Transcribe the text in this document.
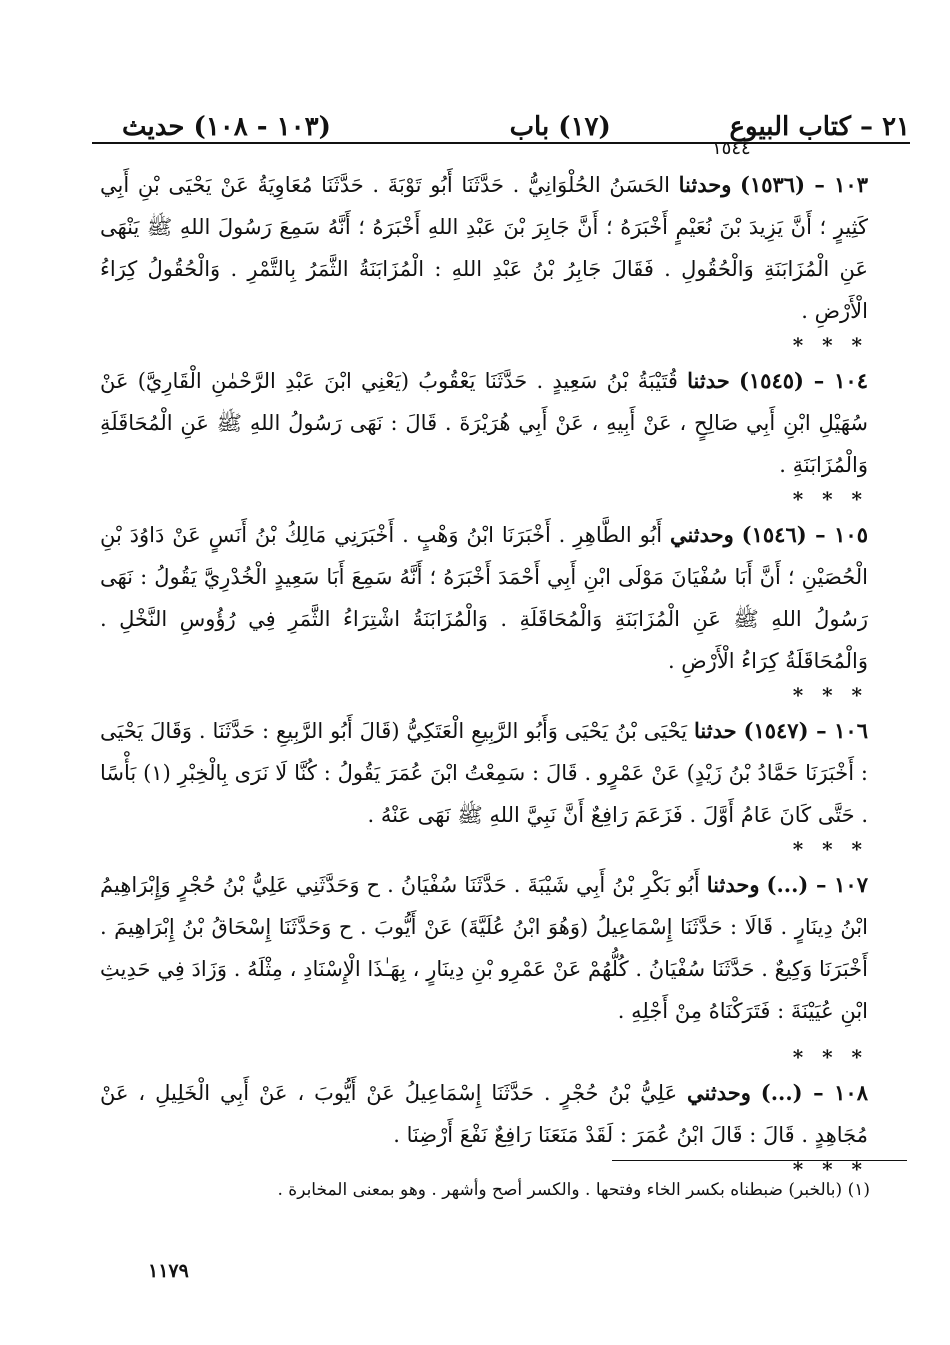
٢١ – كتاب البيوع
(١٧) باب
(١٠٣ - ١٠٨) حديث
١٥٤٤

١٠٣ – (١٥٣٦) وحدثنا الحَسَنُ الحُلْوَانِيُّ . حَدَّثَنَا أَبُو تَوْبَةَ . حَدَّثَنَا مُعَاوِيَةُ عَنْ يَحْيَى بْنِ أَبِي كَثِيرٍ ؛ أَنَّ يَزِيدَ بْنَ نُعَيْمٍ أَخْبَرَهُ ؛ أَنَّ جَابِرَ بْنَ عَبْدِ اللهِ أَخْبَرَهُ ؛ أَنَّهُ سَمِعَ رَسُولَ اللهِ ﷺ يَنْهَى عَنِ الْمُزَابَنَةِ وَالْحُقُولِ . فَقَالَ جَابِرُ بْنُ عَبْدِ اللهِ : الْمُزَابَنَةُ الثَّمَرُ بِالتَّمْرِ . وَالْحُقُولُ كِرَاءُ الْأَرْضِ .

* * *

١٠٤ – (١٥٤٥) حدثنا قُتَيْبَةُ بْنُ سَعِيدٍ . حَدَّثَنَا يَعْقُوبُ (يَعْنِي ابْنَ عَبْدِ الرَّحْمٰنِ الْقَارِيَّ) عَنْ سُهَيْلِ ابْنِ أَبِي صَالِحٍ ، عَنْ أَبِيهِ ، عَنْ أَبِي هُرَيْرَةَ . قَالَ : نَهَى رَسُولُ اللهِ ﷺ عَنِ الْمُحَاقَلَةِ وَالْمُزَابَنَةِ .

* * *

١٠٥ – (١٥٤٦) وحدثني أَبُو الطَّاهِرِ . أَخْبَرَنَا ابْنُ وَهْبٍ . أَخْبَرَنِي مَالِكُ بْنُ أَنَسٍ عَنْ دَاوُدَ بْنِ الْحُصَيْنِ ؛ أَنَّ أَبَا سُفْيَانَ مَوْلَى ابْنِ أَبِي أَحْمَدَ أَخْبَرَهُ ؛ أَنَّهُ سَمِعَ أَبَا سَعِيدٍ الْخُدْرِيَّ يَقُولُ : نَهَى رَسُولُ اللهِ ﷺ عَنِ الْمُزَابَنَةِ وَالْمُحَاقَلَةِ . وَالْمُزَابَنَةُ اشْتِرَاءُ الثَّمَرِ فِي رُؤُوسِ النَّخْلِ . وَالْمُحَاقَلَةُ كِرَاءُ الْأَرْضِ .

* * *

١٠٦ – (١٥٤٧) حدثنا يَحْيَى بْنُ يَحْيَى وَأَبُو الرَّبِيعِ الْعَتَكِيُّ (قَالَ أَبُو الرَّبِيعِ : حَدَّثَنَا . وَقَالَ يَحْيَى : أَخْبَرَنَا حَمَّادُ بْنُ زَيْدٍ) عَنْ عَمْرٍو . قَالَ : سَمِعْتُ ابْنَ عُمَرَ يَقُولُ : كُنَّا لَا نَرَى بِالْخِبْرِ (١) بَأْسًا . حَتَّى كَانَ عَامُ أَوَّلَ . فَزَعَمَ رَافِعٌ أَنَّ نَبِيَّ اللهِ ﷺ نَهَى عَنْهُ .

* * *

١٠٧ – (...) وحدثنا أَبُو بَكْرِ بْنُ أَبِي شَيْبَةَ . حَدَّثَنَا سُفْيَانُ . ح وَحَدَّثَنِي عَلِيُّ بْنُ حُجْرٍ وَإِبْرَاهِيمُ ابْنُ دِينَارٍ . قَالَا : حَدَّثَنَا إِسْمَاعِيلُ (وَهُوَ ابْنُ عُلَيَّةَ) عَنْ أَيُّوبَ . ح وَحَدَّثَنَا إِسْحَاقُ بْنُ إِبْرَاهِيمَ . أَخْبَرَنَا وَكِيعٌ . حَدَّثَنَا سُفْيَانُ . كُلُّهُمْ عَنْ عَمْرِو بْنِ دِينَارٍ ، بِهَـٰذَا الْإِسْنَادِ ، مِثْلَهُ . وَزَادَ فِي حَدِيثِ ابْنِ عُيَيْنَةَ : فَتَرَكْنَاهُ مِنْ أَجْلِهِ .

* * *

١٠٨ – (...) وحدثني عَلِيُّ بْنُ حُجْرٍ . حَدَّثَنَا إِسْمَاعِيلُ عَنْ أَيُّوبَ ، عَنْ أَبِي الْخَلِيلِ ، عَنْ مُجَاهِدٍ . قَالَ : قَالَ ابْنُ عُمَرَ : لَقَدْ مَنَعَنَا رَافِعٌ نَفْعَ أَرْضِنَا .

* * *
(١) (بالخبر) ضبطناه بكسر الخاء وفتحها . والكسر أصح وأشهر . وهو بمعنى المخابرة .
١١٧٩
